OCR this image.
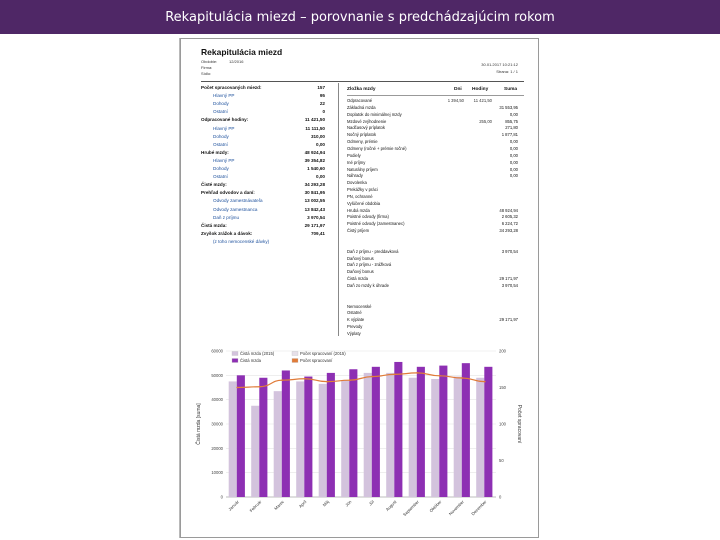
Rekapitulácia miezd – porovnanie s predchádzajúcim rokom
Rekapitulácia miezd
Obdobie:	12/2016
Firma:
Sídlo:
30.01.2017 10:21:12
Strana: 1 / 1
Počet spracovaných miezd:	157
Hlavný PP	95
Dohody	22
Ostatní	0
Odpracované hodiny:	11 421,50
Hlavný PP	11 111,50
Dohody	310,00
Ostatní	0,00
Hrubé mzdy:	48 924,94
Hlavný PP	39 354,82
Dohody	1 540,60
Ostatní	0,00
Čisté mzdy:	34 293,28
Prehľad odvodov a daní:	30 841,95
Odvody zamestnávateľa	13 002,55
Odvody zamestnanca	13 842,43
Daň z príjmu	3 970,54
Čistá mzda:	29 171,97
Zvyšok zrážok a dávok:	709,41
(z toho nemocenské dávky)
Zložka mzdy	Dni Hodiny	Suma
Odpracované	1 394,50 11 421,50
Základná mzda	31 553,95
Doplatok do minimálnej mzdy	0,00
Mzdové zvýhodnenie	255,00	855,75
Nadčasový príplatok	271,80
Nočný príplatok	1 877,81
Odmeny, prémie	0,00
Odmeny (ročné + prémie ročné)	0,00
Podiely	0,00
Iné príjmy	0,00
Naturálny príjem	0,00
Náhrady	0,00
Dovolenka
Prekážky v práci
PN, ochranné
Vylúčené obdobia
Hrubá mzda	48 924,94
Poistné odvody (firma)	2 605,32
Poistné odvody (zamestnanec)	6 224,72
Čistý príjem	34 293,28
Daň z príjmu - preddavková	3 970,54
Daňový bonus
Daň z príjmu - zrážková
Daňový bonus
Čistá mzda	29 171,97
Daň zo mzdy k úhrade	3 970,54
Nemocenské
Ostatné
K výplate	29 171,97
Prevody
Výplaty
0
10000
20000
30000
40000
50000
60000
0
50
100
150
200
Čistá mzda [suma]	Počet spracovaní
Január Február	Marec	Apríl	Máj	Jún	Júl August September Október November December
Čistá mzda (2015)	Počet spracovaní (2015)
Čistá mzda	Počet spracovaní
